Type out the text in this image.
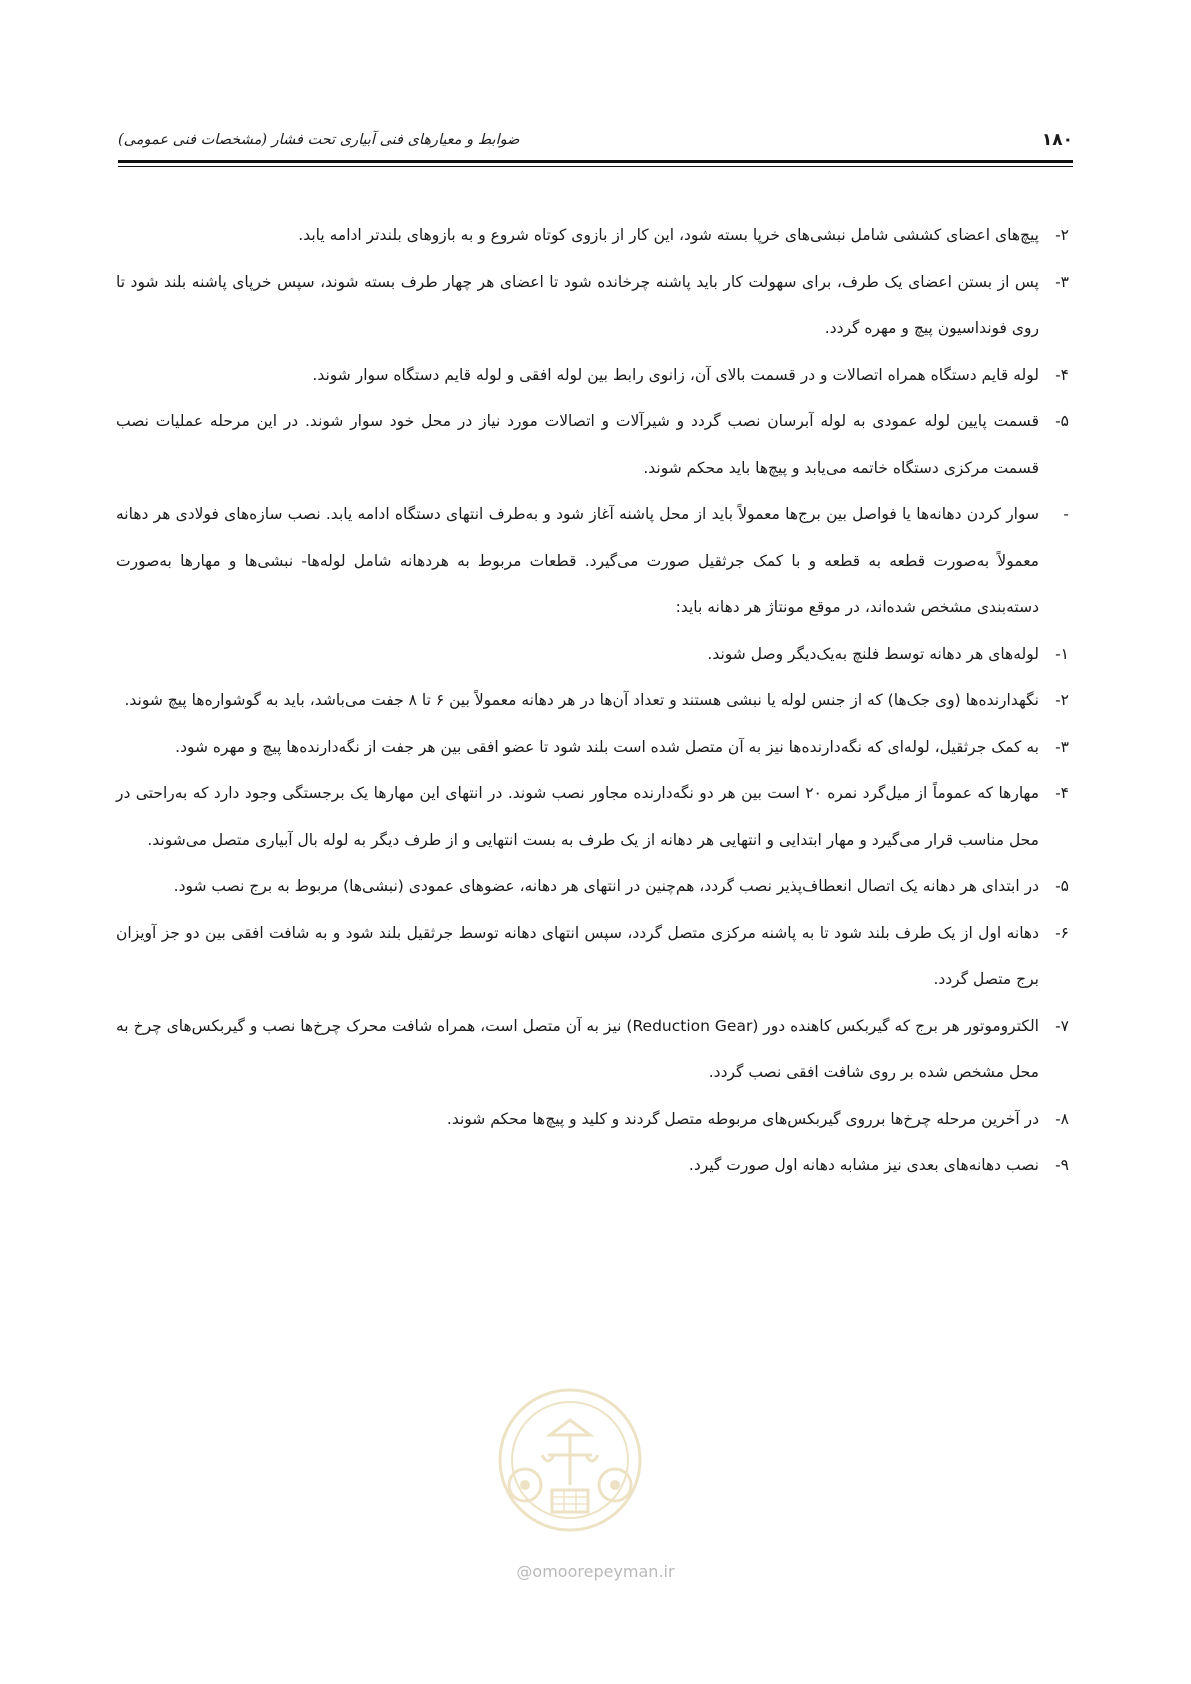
۱۸۰
ضوابط و معیارهای فنی آبیاری تحت فشار (مشخصات فنی عمومی)

۲-
پیچ‌های اعضای کششی شامل نبشی‌های خرپا بسته شود، این کار از بازوی کوتاه شروع و به بازوهای بلندتر ادامه یابد.

۳-
پس از بستن اعضای یک طرف، برای سهولت کار باید پاشنه چرخانده شود تا اعضای هر چهار طرف بسته شوند، سپس خرپای پاشنه بلند شود تا روی فونداسیون پیچ و مهره گردد.

۴-
لوله قایم دستگاه همراه اتصالات و در قسمت بالای آن، زانوی رابط بین لوله افقی و لوله قایم دستگاه سوار شوند.

۵-
قسمت پایین لوله عمودی به لوله آبرسان نصب گردد و شیرآلات و اتصالات مورد نیاز در محل خود سوار شوند. در این مرحله عملیات نصب قسمت مرکزی دستگاه خاتمه می‌یابد و پیچ‌ها باید محکم شوند.

-
سوار کردن دهانه‌ها یا فواصل بین برج‌ها معمولاً باید از محل پاشنه آغاز شود و به‌طرف انتهای دستگاه ادامه یابد. نصب سازه‌های فولادی هر دهانه معمولاً به‌صورت قطعه به قطعه و با کمک جرثقیل صورت می‌گیرد. قطعات مربوط به هردهانه شامل لوله‌ها- نبشی‌ها و مهارها به‌صورت دسته‌بندی مشخص شده‌اند، در موقع مونتاژ هر دهانه باید:

۱-
لوله‌های هر دهانه توسط فلنچ به‌یک‌دیگر وصل شوند.

۲-
نگهدارنده‌ها (وی جک‌ها) که از جنس لوله یا نبشی هستند و تعداد آن‌ها در هر دهانه معمولاً بین ۶ تا ۸ جفت می‌باشد، باید به گوشواره‌ها پیچ شوند.

۳-
به کمک جرثقیل، لوله‌ای که نگه‌دارنده‌ها نیز به آن متصل شده است بلند شود تا عضو افقی بین هر جفت از نگه‌دارنده‌ها پیچ و مهره شود.

۴-
مهارها که عموماً از میل‌گرد نمره ۲۰ است بین هر دو نگه‌دارنده مجاور نصب شوند. در انتهای این مهارها یک برجستگی وجود دارد که به‌راحتی در محل مناسب قرار می‌گیرد و مهار ابتدایی و انتهایی هر دهانه از یک طرف به بست انتهایی و از طرف دیگر به لوله بال آبیاری متصل می‌شوند.

۵-
در ابتدای هر دهانه یک اتصال انعطاف‌پذیر نصب گردد، هم‌چنین در انتهای هر دهانه، عضوهای عمودی (نبشی‌ها) مربوط به برج نصب شود.

۶-
دهانه اول از یک طرف بلند شود تا به پاشنه مرکزی متصل گردد، سپس انتهای دهانه توسط جرثقیل بلند شود و به شافت افقی بین دو جز آویزان برج متصل گردد.

۷-
الکتروموتور هر برج که گیربکس کاهنده دور (Reduction Gear) نیز به آن متصل است، همراه شافت محرک چرخ‌ها نصب و گیربکس‌های چرخ به محل مشخص شده بر روی شافت افقی نصب گردد.

۸-
در آخرین مرحله چرخ‌ها برروی گیربکس‌های مربوطه متصل گردند و کلید و پیچ‌ها محکم شوند.

۹-
نصب دهانه‌های بعدی نیز مشابه دهانه اول صورت گیرد.

@omoorepeyman.ir
